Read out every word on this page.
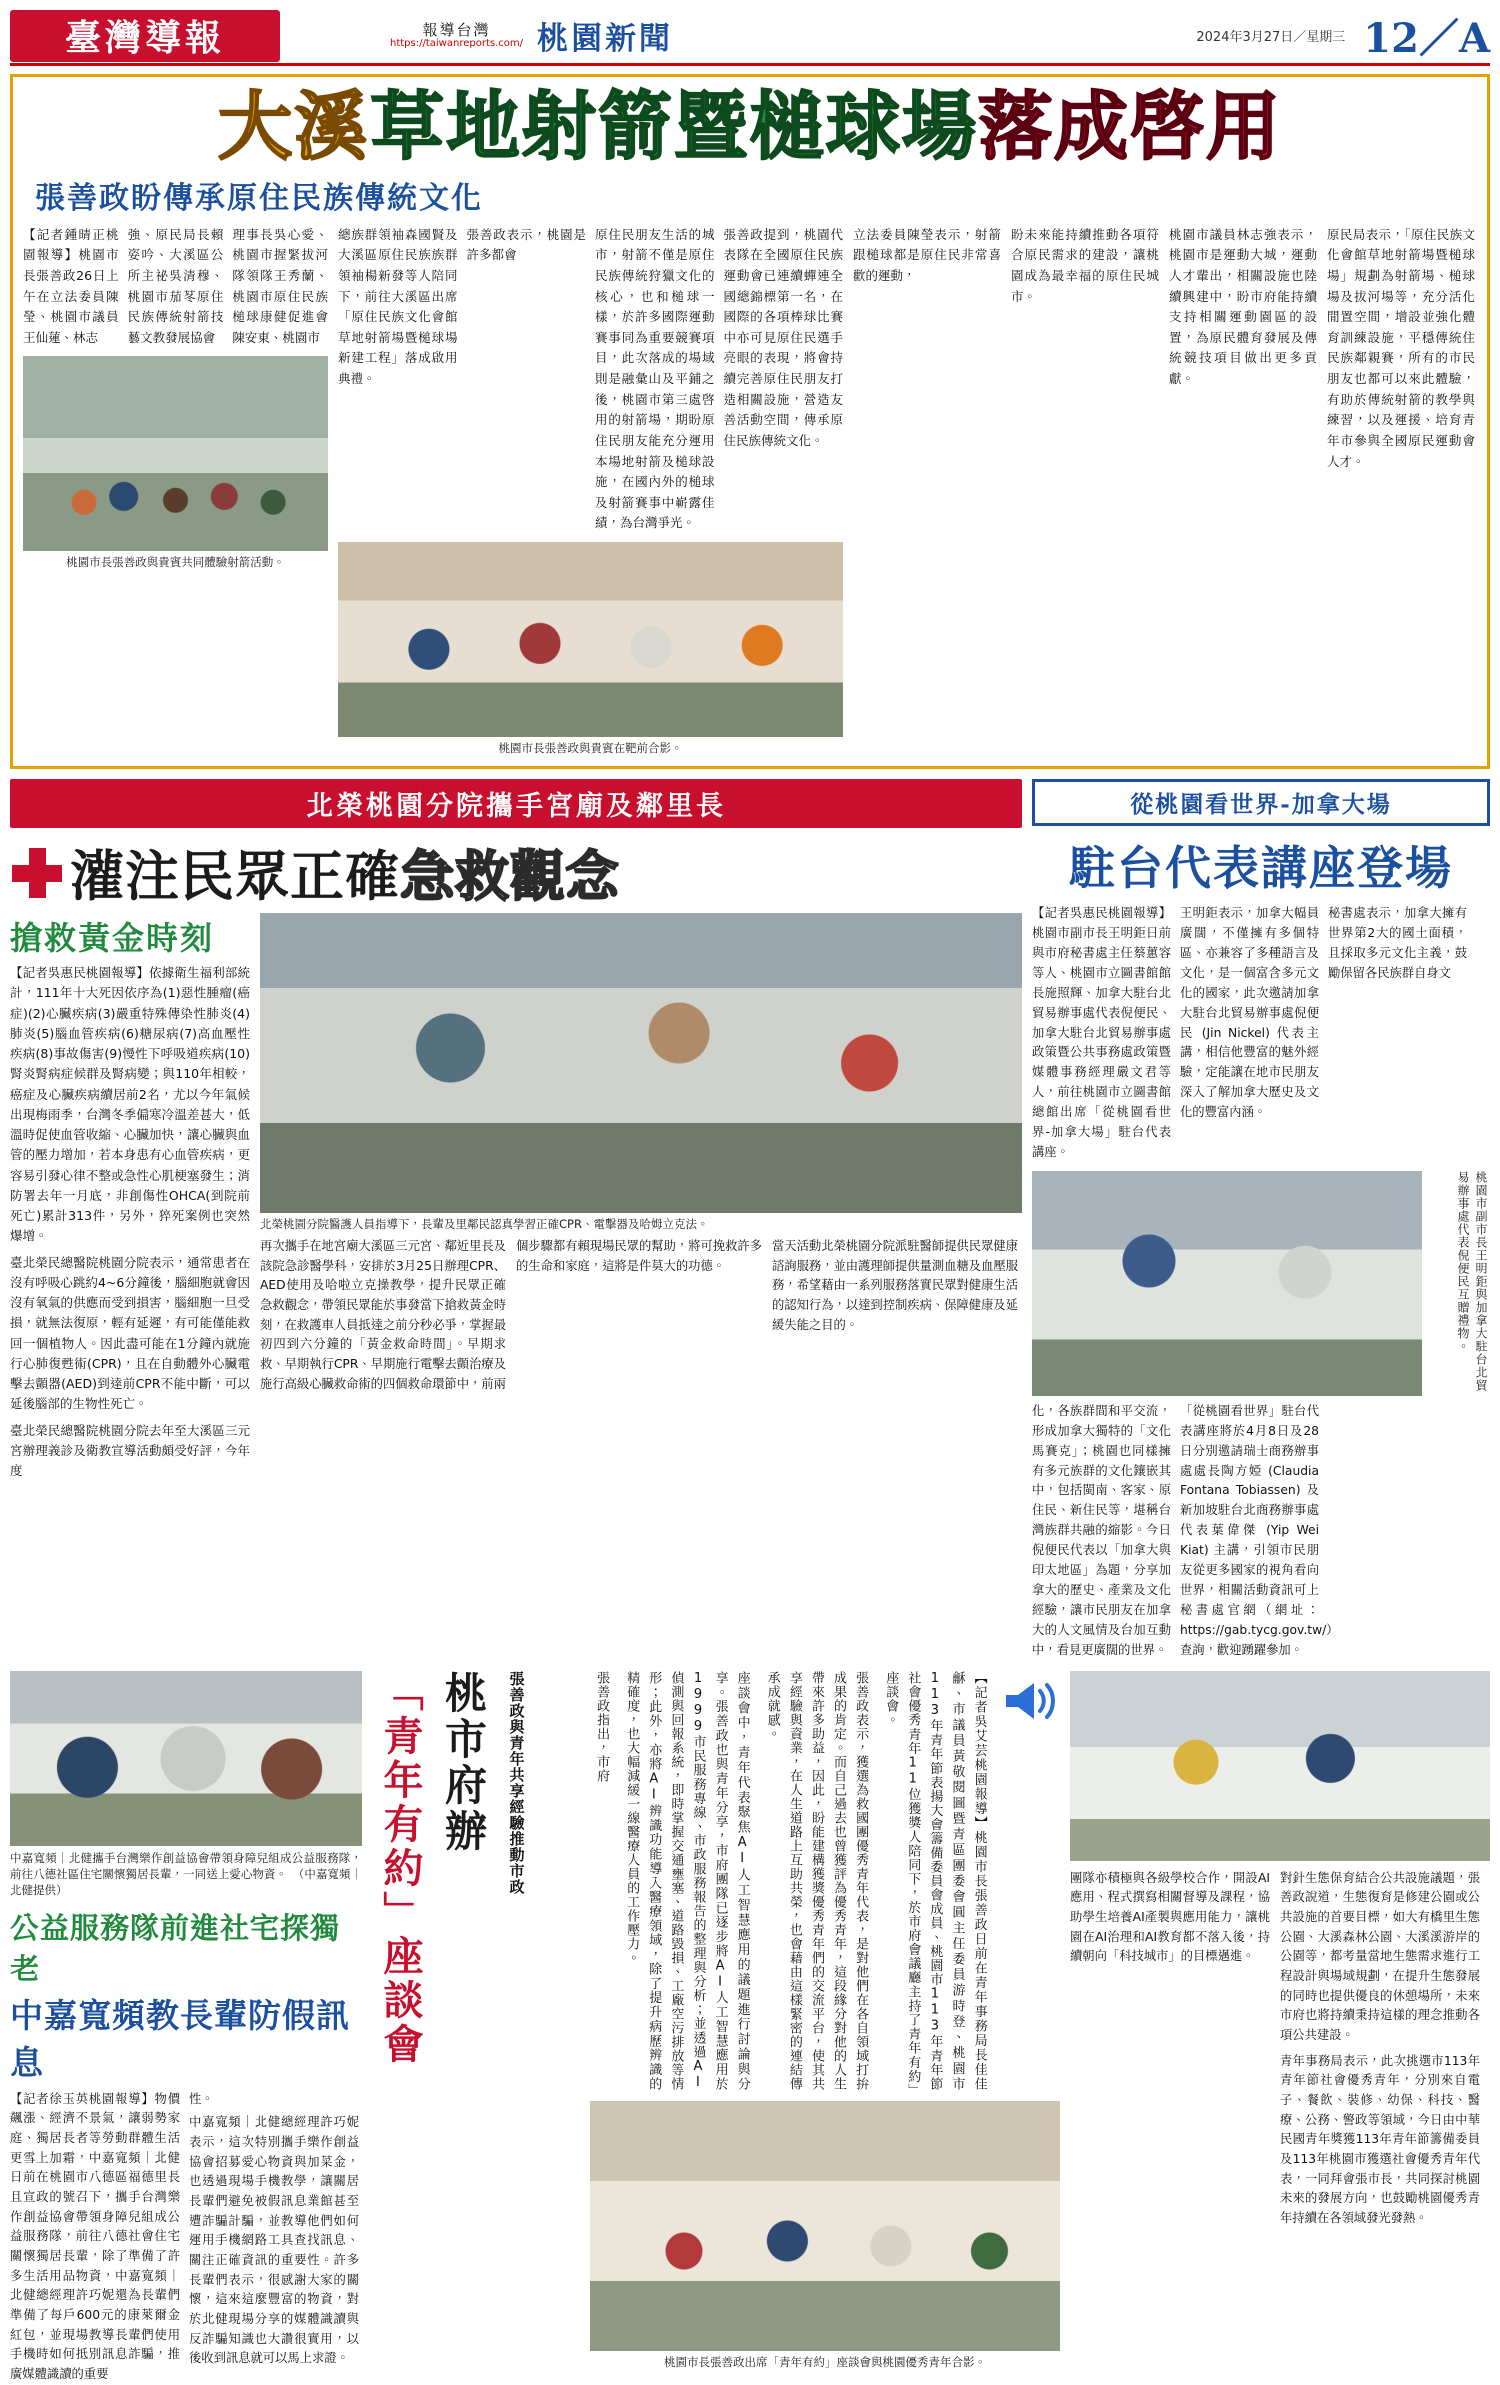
臺灣導報	報導台灣
https://taiwanreports.com/ 桃園新聞	2024年3月27日／星期三 12／A
大溪草地射箭暨槌球場落成啓用
張善政盼傳承原住民族傳統文化
【記者鍾晴正桃園報導】桃園市長張善政26日上午在立法委員陳瑩、桃園市議員王仙蓮、林志
強、原民局長賴姿吟、大溪區公所主祕吳清穆、桃園市茄苳原住民族傳統射箭技藝文教發展協會
理事長吳心愛、桃園市握緊拔河隊領隊王秀蘭、桃園市原住民族槌球康健促進會陳安東、桃園市
桃園市長張善政與貴賓共同體驗射箭活動。
總族群領袖森國賢及大溪區原住民族族群領袖楊新發等人陪同下，前往大溪區出席「原住民族文化會館草地射箭場暨槌球場新建工程」落成啟用典禮。
張善政表示，桃園是許多都會
原住民朋友生活的城市，射箭不僅是原住民族傳統狩獵文化的核心，也和槌球一樣，於許多國際運動賽事同為重要競賽項目，此次落成的場域則是融彙山及平鋪之後，桃園市第三處啓用的射箭場，期盼原住民朋友能充分運用本場地射箭及槌球設施，在國內外的槌球及射箭賽事中嶄露佳績，為台灣爭光。
張善政提到，桃園代表隊在全國原住民族運動會已連續蟬連全國總錦標第一名，在國際的各項棒球比賽中亦可見原住民選手亮眼的表現，將會持續完善原住民朋友打造相關設施，營造友善活動空間，傳承原住民族傳統文化。
桃園市長張善政與貴賓在靶前合影。
立法委員陳瑩表示，射箭跟槌球都是原住民非常喜歡的運動，
盼未來能持續推動各項符合原民需求的建設，讓桃園成為最幸福的原住民城市。
桃園市議員林志強表示，桃園市是運動大城，運動人才輩出，相關設施也陸續興建中，盼市府能持續支持相關運動園區的設置，為原民體育發展及傳統競技項目做出更多貢獻。
原民局表示，「原住民族文化會館草地射箭場暨槌球場」規劃為射箭場、槌球場及拔河場等，充分活化閒置空間，增設並強化體育訓練設施，平穩傳統住民族鄰親賽，所有的市民朋友也都可以來此體驗，有助於傳統射箭的教學與練習，以及運援、培育青年市參與全國原民運動會人才。
北榮桃園分院攜手宮廟及鄰里長
灌注民眾正確急救觀念
搶救黃金時刻
【記者吳惠民桃園報導】依據衛生福利部統計，111年十大死因依序為(1)惡性腫瘤(癌症)(2)心臟疾病(3)嚴重特殊傳染性肺炎(4)肺炎(5)腦血管疾病(6)糖尿病(7)高血壓性疾病(8)事故傷害(9)慢性下呼吸道疾病(10)腎炎腎病症候群及腎病變；與110年相較，癌症及心臟疾病續居前2名，尤以今年氣候出現梅雨季，台灣冬季偏寒冷溫差甚大，低溫時促使血管收縮、心臟加快，讓心臟與血管的壓力增加，若本身患有心血管疾病，更容易引發心律不整或急性心肌梗塞發生；消防署去年一月底，非創傷性OHCA(到院前死亡)累計313件，另外，猝死案例也突然爆增。
臺北榮民總醫院桃園分院表示，通常患者在沒有呼吸心跳約4~6分鐘後，腦細胞就會因沒有氧氣的供應而受到損害，腦細胞一旦受損，就無法復原，輕有延遲，有可能僅能救回一個植物人。因此盡可能在1分鐘內就施行心肺復甦術(CPR)，且在自動體外心臟電擊去顫器(AED)到達前CPR不能中斷，可以延後腦部的生物性死亡。
臺北榮民總醫院桃園分院去年至大溪區三元宮辦理義診及衛教宣導活動頗受好評，今年度
北榮桃園分院醫護人員指導下，長輩及里鄰民認真學習正確CPR、電擊器及哈姆立克法。
再次攜手在地宮廟大溪區三元宮、鄰近里長及該院急診醫學科，安排於3月25日辦理CPR、AED使用及哈啦立克操教學，提升民眾正確急救觀念，帶領民眾能於事發當下搶救黃金時刻，在救護車人員抵達之前分秒必爭，掌握最初四到六分鐘的「黃金救命時間」。早期求救、早期執行CPR、早期施行電擊去顫治療及施行高級心臟救命術的四個救命環節中，前兩
個步驟都有賴現場民眾的幫助，將可挽救許多的生命和家庭，這將是件莫大的功德。
當天活動北榮桃園分院派駐醫師提供民眾健康諮詢服務，並由護理師提供量測血糖及血壓服務，希望藉由一系列服務落實民眾對健康生活的認知行為，以達到控制疾病、保障健康及延緩失能之目的。
從桃園看世界-加拿大場
駐台代表講座登場
【記者吳惠民桃園報導】桃園市副市長王明鉅日前與市府秘書處主任蔡蕙容等人、桃園市立圖書館館長施照輝、加拿大駐台北貿易辦事處代表倪便民、加拿大駐台北貿易辦事處政策暨公共事務處政策暨媒體事務經理嚴文君等人，前往桃園市立圖書館總館出席「從桃園看世界-加拿大場」駐台代表講座。
王明鉅表示，加拿大幅員廣闊，不僅擁有多個特區、亦兼容了多種語言及文化，是一個富含多元文化的國家，此次邀請加拿大駐台北貿易辦事處倪便民 (Jin Nickel) 代表主講，相信他豐富的魅外經驗，定能讓在地市民朋友深入了解加拿大歷史及文化的豐富內涵。
秘書處表示，加拿大擁有世界第2大的國土面積，且採取多元文化主義，鼓勵保留各民族群自身文
桃園市副市長王明鉅與加拿大駐台北貿易辦事處代表倪便民互贈禮物。
化，各族群間和平交流，形成加拿大獨特的「文化馬賽克」；桃園也同樣擁有多元族群的文化鑲嵌其中，包括閩南、客家、原住民、新住民等，堪稱台灣族群共融的縮影。今日倪便民代表以「加拿大與印太地區」為題，分享加拿大的歷史、產業及文化經驗，讓市民朋友在加拿大的人文風情及台加互動中，看見更廣闊的世界。
「從桃園看世界」駐台代表講座將於4月8日及28日分別邀請瑞士商務辦事處處長陶方婭 (Claudia Fontana Tobiassen) 及新加坡駐台北商務辦事處代表葉偉傑 (Yip Wei Kiat) 主講，引領市民朋友從更多國家的視角看向世界，相關活動資訊可上秘書處官網（網址：https://gab.tycg.gov.tw/）查詢，歡迎踴躍參加。
中嘉寬頻｜北健攜手台灣樂作創益協會帶領身障兒組成公益服務隊，前往八德社區住宅關懷獨居長輩，一同送上愛心物資。　（中嘉寬頻｜北健提供）
公益服務隊前進社宅探獨老
中嘉寬頻教長輩防假訊息
【記者徐玉英桃園報導】物價飆漲、經濟不景氣，讓弱勢家庭、獨居長者等勞動群體生活更雪上加霜，中嘉寬頻｜北健日前在桃園市八德區福德里長且宣政的號召下，攜手台灣樂作創益協會帶領身障兒組成公益服務隊，前往八德社會住宅關懷獨居長輩，除了準備了許多生活用品物資，中嘉寬頻｜北健總經理許巧妮還為長輩們準備了每戶600元的康萊爾金紅包，並現場教導長輩們使用手機時如何抵別訊息詐騙，推廣媒體識讀的重要
性。
中嘉寬頻｜北健總經理許巧妮表示，這次特別攜手樂作創益協會招募愛心物資與加菜金，也透過現場手機教學，讓關居長輩們避免被假訊息業館甚至遭詐騙計騙，並教導他們如何運用手機網路工具查找訊息、關注正確資訊的重要性。許多長輩們表示，很感謝大家的關懷，這來這麼豐富的物資，對於北健現場分享的媒體識讀與反詐騙知識也大讚很實用，以後收到訊息就可以馬上求證。
「青年有約」座談會 桃市府辦	張善政與青年共享經驗推動市政	張善政指出，市府	座談會中，青年代表聚焦AI人工智慧應用的議題進行討論與分享。張善政也與青年分享，市府團隊已逐步將AI人工智慧應用於1999市民服務專線、市政服務報告的整理與分析；並透過AI偵測與回報系統，即時掌握交通壅塞、道路毀損、工廠空污排放等情形；此外，亦將AI辨識功能導入醫療領域，除了提升病歷辨識的精確度，也大幅減緩一線醫療人員的工作壓力。	張善政表示，獲選為救國團優秀青年代表，是對他們在各自領域打拚成果的肯定。而自己過去也曾獲評為優秀青年，這段緣分對他的人生帶來許多助益，因此，盼能建構獲獎優秀青年們的交流平台，使其共享經驗與資業，在人生道路上互助共榮，也會藉由這樣緊密的連結傳承成就感。	【記者吳艾芸桃園報導】桃園市長張善政日前在青年事務局長佳佳龢、市議員黃敬閱圖暨青區團委會圓主任委員游時登、桃園市113年青年節表揚大會籌備委員會成員、桃園市113年青年節社會優秀青年11位獲獎人陪同下，於市府會議廳主持了青年有約」座談會。
桃園市長張善政出席「青年有約」座談會與桃園優秀青年合影。
團隊亦積極與各級學校合作，開設AI應用、程式撰寫相關督導及課程，協助學生培養AI產製與應用能力，讓桃園在AI治理和AI教育都不落入後，持續朝向「科技城市」的目標邁進。
對針生態保育結合公共設施議題，張善政說道，生態復育是修建公園或公共設施的首要目標，如大有橋里生態公園、大溪森林公園、大溪溪游岸的公園等，都考量當地生態需求進行工程設計與場域規劃，在提升生態發展的同時也提供優良的休憩場所，未來市府也將持續秉持這樣的理念推動各項公共建設。
青年事務局表示，此次挑選市113年青年節社會優秀青年，分別來自電子、餐飲、裝修、幼保、科技、醫療、公務、警政等領域，今日由中華民國青年獎獲113年青年節籌備委員及113年桃園市獲選社會優秀青年代表，一同拜會張市長，共同探討桃園未來的發展方向，也鼓勵桃園優秀青年持續在各領域發光發熱。
